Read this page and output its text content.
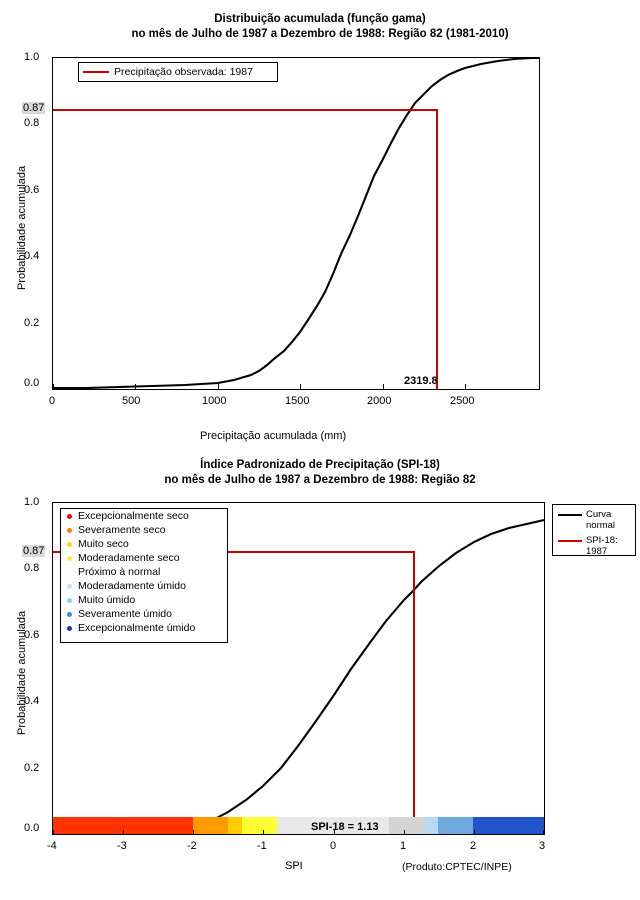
Distribuição acumulada (função gama)
no mês de Julho de 1987 a Dezembro de 1988: Região 82 (1981-2010)
Precipitação observada: 1987
1.0
0.8
0.6
0.4
0.2
0.0
0.87
0	500	1000	1500	2000	2500
2319.8
Precipitação acumulada (mm)
Probabilidade acumulada
Índice Padronizado de Precipitação (SPI-18)
no mês de Julho de 1987 a Dezembro de 1988: Região 82
SPI-18 = 1.13
Excepcionalmente seco
Severamente seco
Muito seco
Moderadamente seco
Próximo à normal
Moderadamente úmido
Muito úmido
Severamente úmido
Excepcionalmente úmido
Curva normal
SPI-18: 1987
1.0
0.8
0.6
0.4
0.2
0.0
0.87
-4	-3	-2	-1	0	1	2	3
SPI
Probabilidade acumulada
(Produto:CPTEC/INPE)
